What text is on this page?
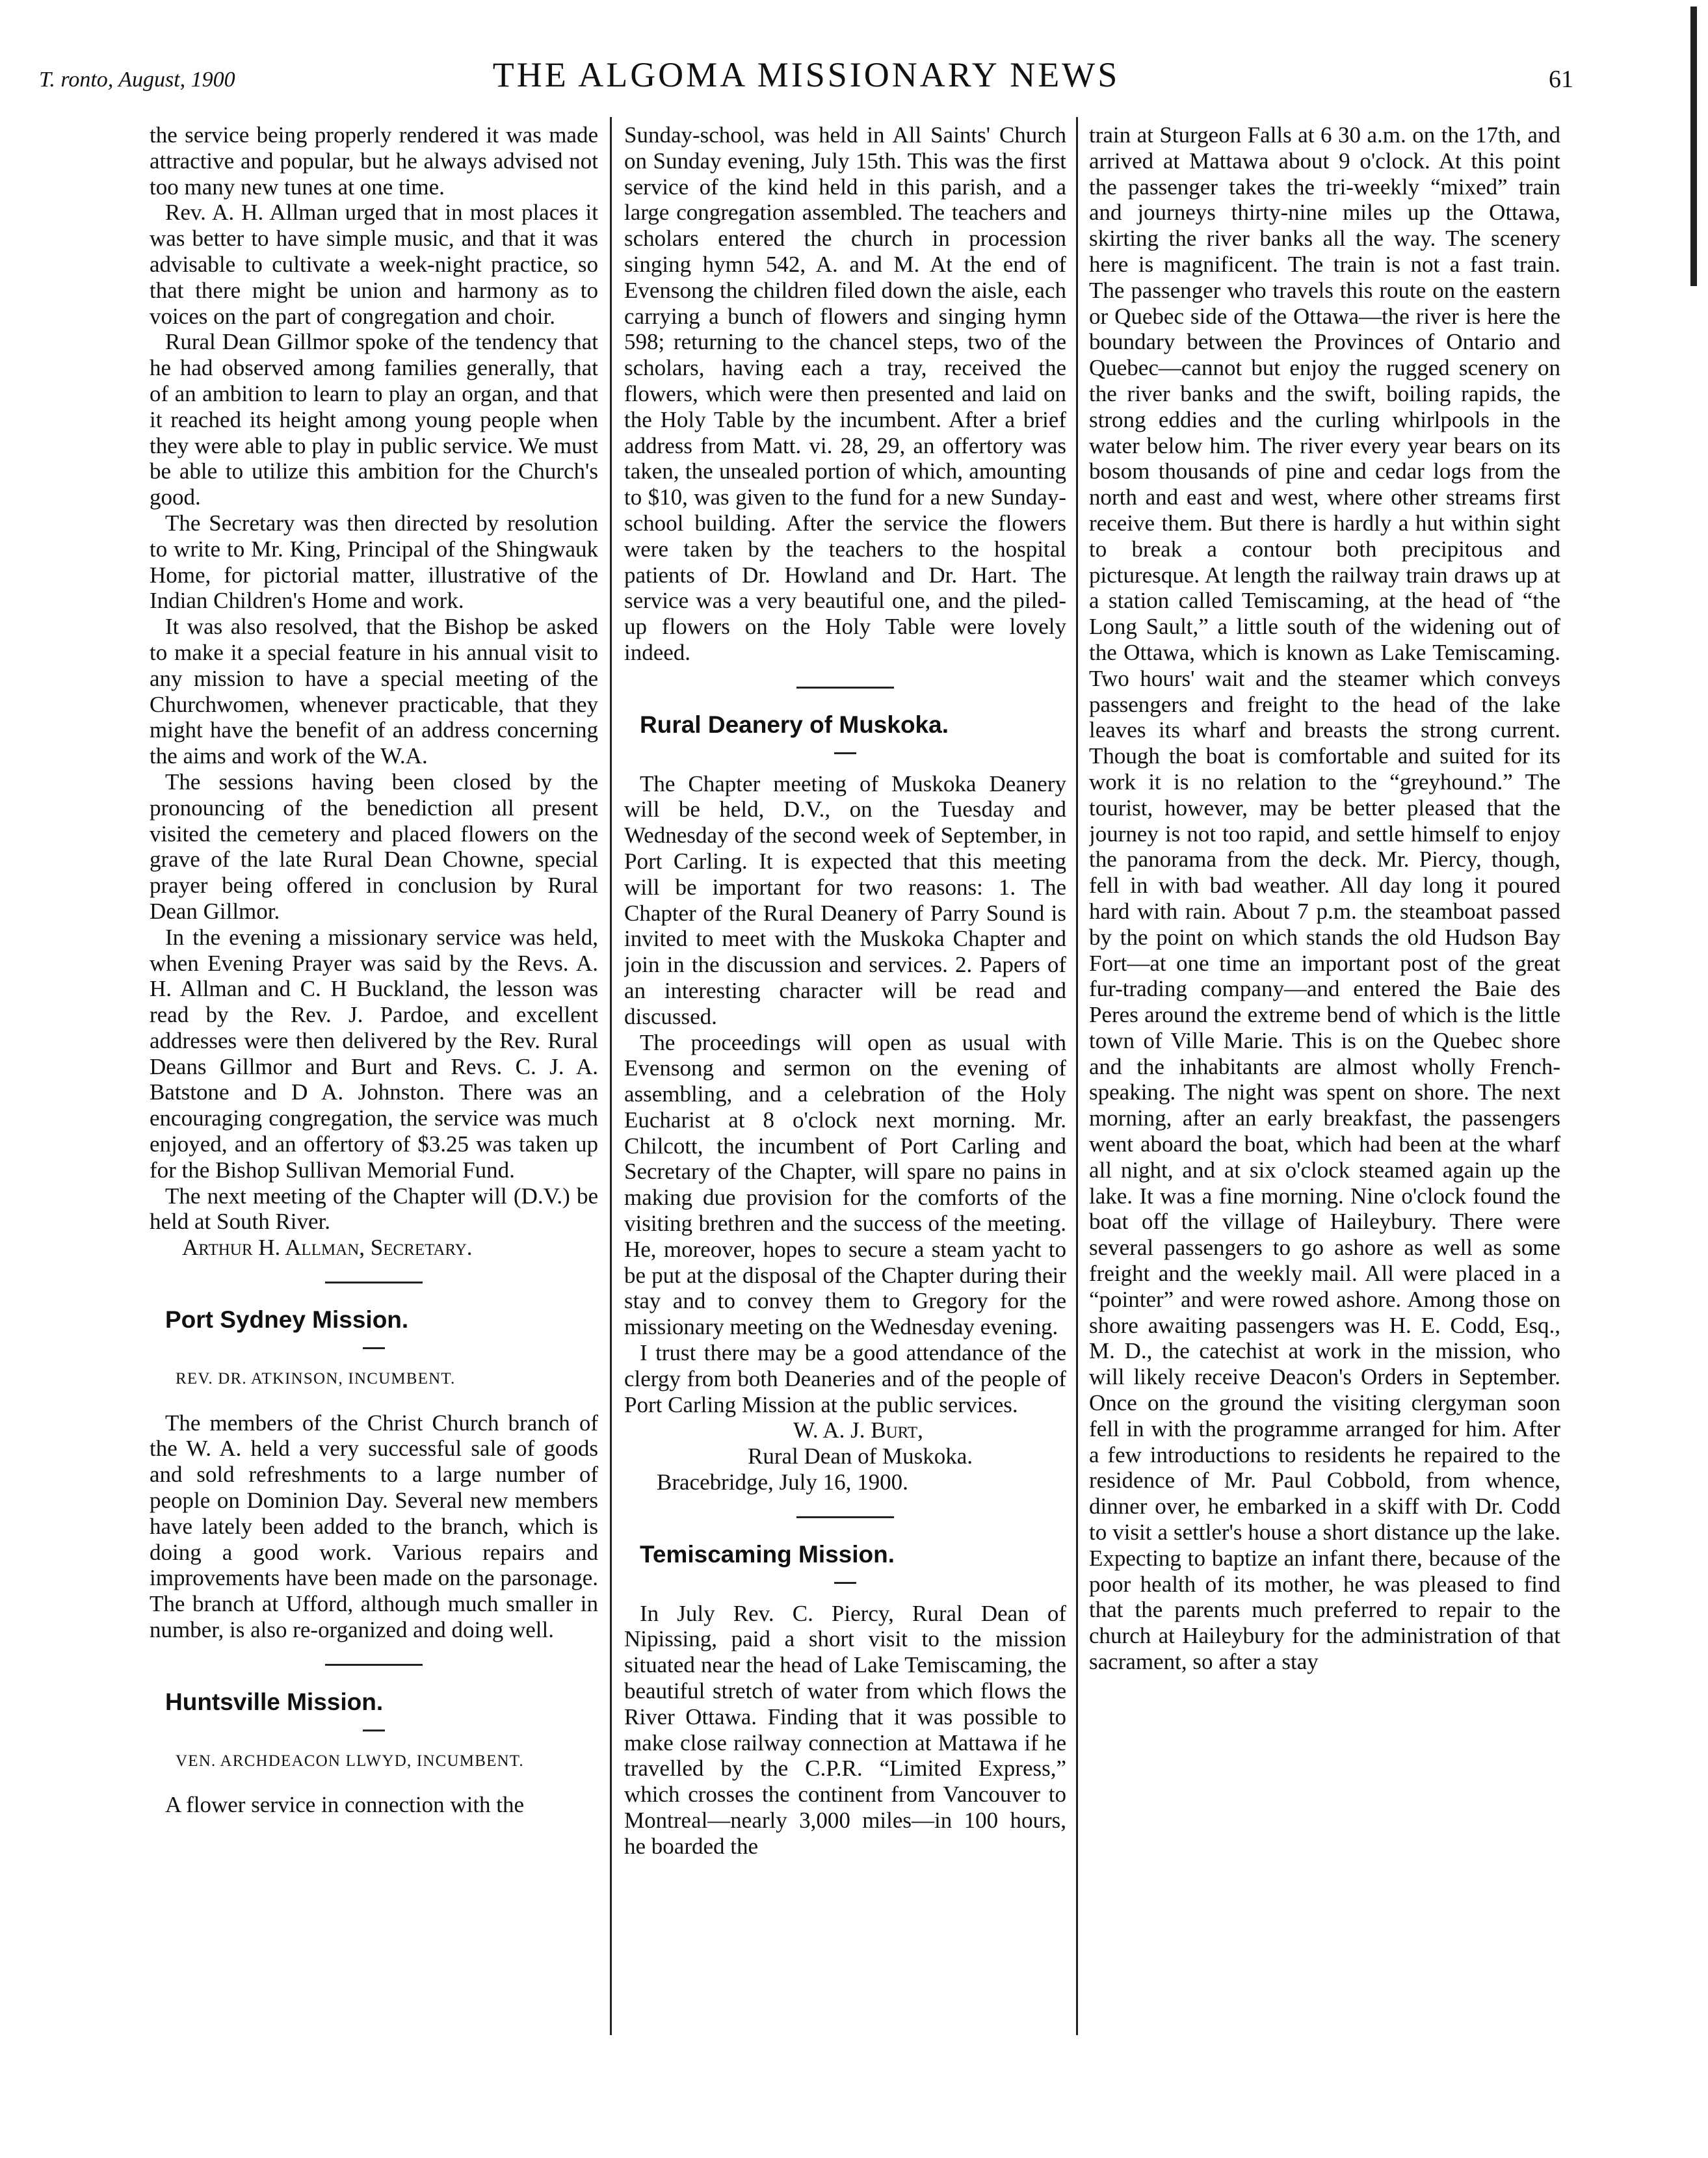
T. ronto, August, 1900	THE ALGOMA MISSIONARY NEWS	61

the service being properly rendered it was made attractive and popular, but he always advised not too many new tunes at one time.

Rev. A. H. Allman urged that in most places it was better to have simple music, and that it was advisable to cultivate a week-night practice, so that there might be union and harmony as to voices on the part of congregation and choir.

Rural Dean Gillmor spoke of the tendency that he had observed among families generally, that of an ambition to learn to play an organ, and that it reached its height among young people when they were able to play in public service. We must be able to utilize this ambition for the Church's good.

The Secretary was then directed by resolution to write to Mr. King, Principal of the Shingwauk Home, for pictorial matter, illustrative of the Indian Children's Home and work.

It was also resolved, that the Bishop be asked to make it a special feature in his annual visit to any mission to have a special meeting of the Churchwomen, whenever practicable, that they might have the benefit of an address concerning the aims and work of the W.A.

The sessions having been closed by the pronouncing of the benediction all present visited the cemetery and placed flowers on the grave of the late Rural Dean Chowne, special prayer being offered in conclusion by Rural Dean Gillmor.

In the evening a missionary service was held, when Evening Prayer was said by the Revs. A. H. Allman and C. H Buckland, the lesson was read by the Rev. J. Pardoe, and excellent addresses were then delivered by the Rev. Rural Deans Gillmor and Burt and Revs. C. J. A. Batstone and D A. Johnston. There was an encouraging congregation, the service was much enjoyed, and an offertory of $3.25 was taken up for the Bishop Sullivan Memorial Fund.

The next meeting of the Chapter will (D.V.) be held at South River.

Arthur H. Allman, Secretary.

Port Sydney Mission.

REV. DR. ATKINSON, INCUMBENT.

The members of the Christ Church branch of the W. A. held a very successful sale of goods and sold refreshments to a large number of people on Dominion Day. Several new members have lately been added to the branch, which is doing a good work. Various repairs and improvements have been made on the parsonage. The branch at Ufford, although much smaller in number, is also re-organized and doing well.

Huntsville Mission.

VEN. ARCHDEACON LLWYD, INCUMBENT.

A flower service in connection with the

Sunday-school, was held in All Saints' Church on Sunday evening, July 15th. This was the first service of the kind held in this parish, and a large congregation assembled. The teachers and scholars entered the church in procession singing hymn 542, A. and M. At the end of Evensong the children filed down the aisle, each carrying a bunch of flowers and singing hymn 598; returning to the chancel steps, two of the scholars, having each a tray, received the flowers, which were then presented and laid on the Holy Table by the incumbent. After a brief address from Matt. vi. 28, 29, an offertory was taken, the unsealed portion of which, amounting to $10, was given to the fund for a new Sunday-school building. After the service the flowers were taken by the teachers to the hospital patients of Dr. Howland and Dr. Hart. The service was a very beautiful one, and the piled-up flowers on the Holy Table were lovely indeed.

Rural Deanery of Muskoka.

The Chapter meeting of Muskoka Deanery will be held, D.V., on the Tuesday and Wednesday of the second week of September, in Port Carling. It is expected that this meeting will be important for two reasons: 1. The Chapter of the Rural Deanery of Parry Sound is invited to meet with the Muskoka Chapter and join in the discussion and services. 2. Papers of an interesting character will be read and discussed.

The proceedings will open as usual with Evensong and sermon on the evening of assembling, and a celebration of the Holy Eucharist at 8 o'clock next morning. Mr. Chilcott, the incumbent of Port Carling and Secretary of the Chapter, will spare no pains in making due provision for the comforts of the visiting brethren and the success of the meeting. He, moreover, hopes to secure a steam yacht to be put at the disposal of the Chapter during their stay and to convey them to Gregory for the missionary meeting on the Wednesday evening.

I trust there may be a good attendance of the clergy from both Deaneries and of the people of Port Carling Mission at the public services.

W. A. J. Burt,

Rural Dean of Muskoka.

Bracebridge, July 16, 1900.

Temiscaming Mission.

In July Rev. C. Piercy, Rural Dean of Nipissing, paid a short visit to the mission situated near the head of Lake Temiscaming, the beautiful stretch of water from which flows the River Ottawa. Finding that it was possible to make close railway connection at Mattawa if he travelled by the C.P.R. “Limited Express,” which crosses the continent from Vancouver to Montreal—nearly 3,000 miles—in 100 hours, he boarded the

train at Sturgeon Falls at 6 30 a.m. on the 17th, and arrived at Mattawa about 9 o'clock. At this point the passenger takes the tri-weekly “mixed” train and journeys thirty-nine miles up the Ottawa, skirting the river banks all the way. The scenery here is magnificent. The train is not a fast train. The passenger who travels this route on the eastern or Quebec side of the Ottawa—the river is here the boundary between the Provinces of Ontario and Quebec—cannot but enjoy the rugged scenery on the river banks and the swift, boiling rapids, the strong eddies and the curling whirlpools in the water below him. The river every year bears on its bosom thousands of pine and cedar logs from the north and east and west, where other streams first receive them. But there is hardly a hut within sight to break a contour both precipitous and picturesque. At length the railway train draws up at a station called Temiscaming, at the head of “the Long Sault,” a little south of the widening out of the Ottawa, which is known as Lake Temiscaming. Two hours' wait and the steamer which conveys passengers and freight to the head of the lake leaves its wharf and breasts the strong current. Though the boat is comfortable and suited for its work it is no relation to the “greyhound.” The tourist, however, may be better pleased that the journey is not too rapid, and settle himself to enjoy the panorama from the deck. Mr. Piercy, though, fell in with bad weather. All day long it poured hard with rain. About 7 p.m. the steamboat passed by the point on which stands the old Hudson Bay Fort—at one time an important post of the great fur-trading company—and entered the Baie des Peres around the extreme bend of which is the little town of Ville Marie. This is on the Quebec shore and the inhabitants are almost wholly French-speaking. The night was spent on shore. The next morning, after an early breakfast, the passengers went aboard the boat, which had been at the wharf all night, and at six o'clock steamed again up the lake. It was a fine morning. Nine o'clock found the boat off the village of Haileybury. There were several passengers to go ashore as well as some freight and the weekly mail. All were placed in a “pointer” and were rowed ashore. Among those on shore awaiting passengers was H. E. Codd, Esq., M. D., the catechist at work in the mission, who will likely receive Deacon's Orders in September. Once on the ground the visiting clergyman soon fell in with the programme arranged for him. After a few introductions to residents he repaired to the residence of Mr. Paul Cobbold, from whence, dinner over, he embarked in a skiff with Dr. Codd to visit a settler's house a short distance up the lake. Expecting to baptize an infant there, because of the poor health of its mother, he was pleased to find that the parents much preferred to repair to the church at Haileybury for the administration of that sacrament, so after a stay
